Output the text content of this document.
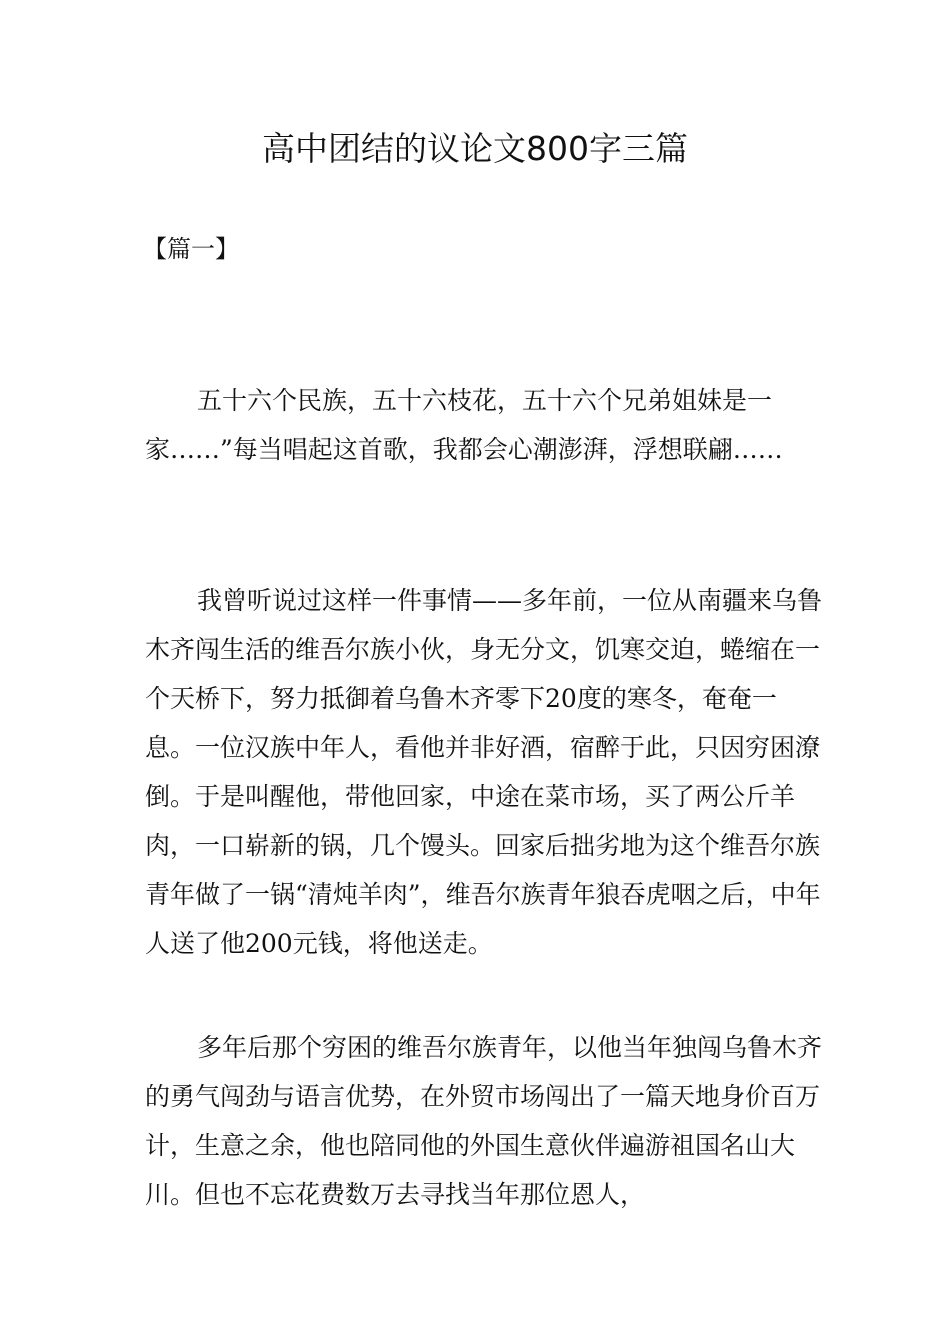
高中团结的议论文800字三篇

【篇一】

五十六个民族，五十六枝花，五十六个兄弟姐妹是一家……”每当唱起这首歌，我都会心潮澎湃，浮想联翩……

我曾听说过这样一件事情——多年前，一位从南疆来乌鲁木齐闯生活的维吾尔族小伙，身无分文，饥寒交迫，蜷缩在一个天桥下，努力抵御着乌鲁木齐零下20度的寒冬，奄奄一息。一位汉族中年人，看他并非好酒，宿醉于此，只因穷困潦倒。于是叫醒他，带他回家，中途在菜市场，买了两公斤羊肉，一口崭新的锅，几个馒头。回家后拙劣地为这个维吾尔族青年做了一锅“清炖羊肉”，维吾尔族青年狼吞虎咽之后，中年人送了他200元钱，将他送走。

多年后那个穷困的维吾尔族青年，以他当年独闯乌鲁木齐的勇气闯劲与语言优势，在外贸市场闯出了一篇天地身价百万计，生意之余，他也陪同他的外国生意伙伴遍游祖国名山大川。但也不忘花费数万去寻找当年那位恩人，
